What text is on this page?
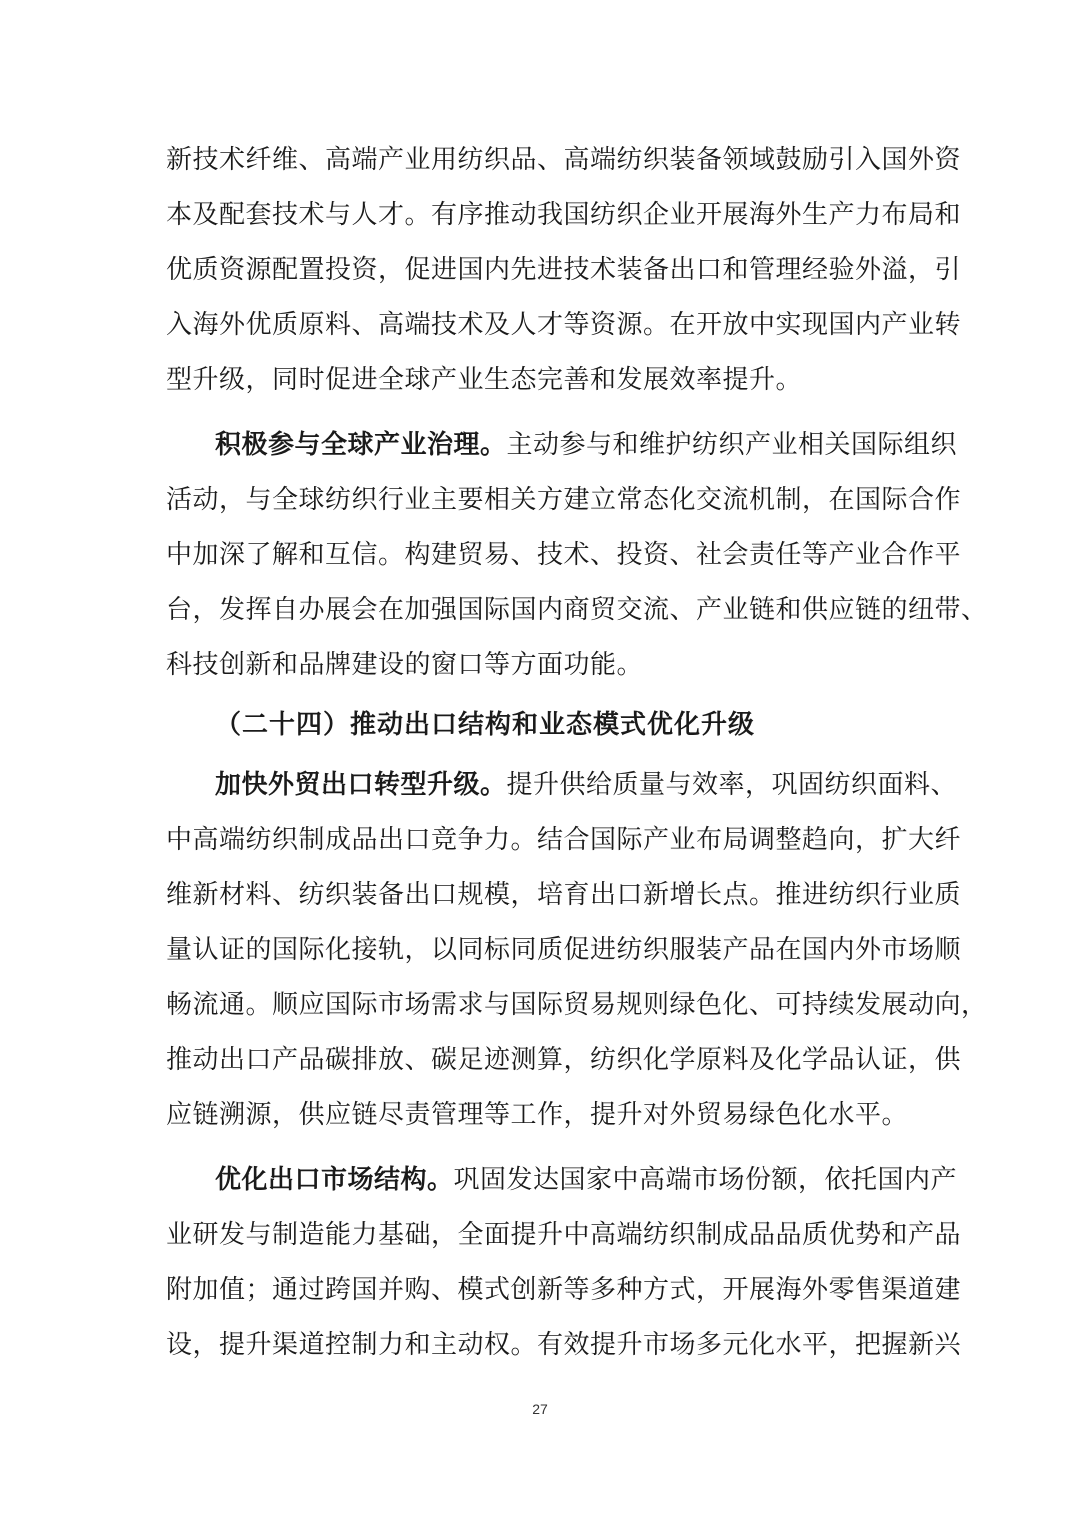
新技术纤维、高端产业用纺织品、高端纺织装备领域鼓励引入国外资
本及配套技术与人才。有序推动我国纺织企业开展海外生产力布局和
优质资源配置投资，促进国内先进技术装备出口和管理经验外溢，引
入海外优质原料、高端技术及人才等资源。在开放中实现国内产业转
型升级，同时促进全球产业生态完善和发展效率提升。
积极参与全球产业治理。主动参与和维护纺织产业相关国际组织
活动，与全球纺织行业主要相关方建立常态化交流机制，在国际合作
中加深了解和互信。构建贸易、技术、投资、社会责任等产业合作平
台，发挥自办展会在加强国际国内商贸交流、产业链和供应链的纽带、
科技创新和品牌建设的窗口等方面功能。
（二十四）推动出口结构和业态模式优化升级
加快外贸出口转型升级。提升供给质量与效率，巩固纺织面料、
中高端纺织制成品出口竞争力。结合国际产业布局调整趋向，扩大纤
维新材料、纺织装备出口规模，培育出口新增长点。推进纺织行业质
量认证的国际化接轨，以同标同质促进纺织服装产品在国内外市场顺
畅流通。顺应国际市场需求与国际贸易规则绿色化、可持续发展动向，
推动出口产品碳排放、碳足迹测算，纺织化学原料及化学品认证，供
应链溯源，供应链尽责管理等工作，提升对外贸易绿色化水平。
优化出口市场结构。巩固发达国家中高端市场份额，依托国内产
业研发与制造能力基础，全面提升中高端纺织制成品品质优势和产品
附加值；通过跨国并购、模式创新等多种方式，开展海外零售渠道建
设，提升渠道控制力和主动权。有效提升市场多元化水平，把握新兴
27
